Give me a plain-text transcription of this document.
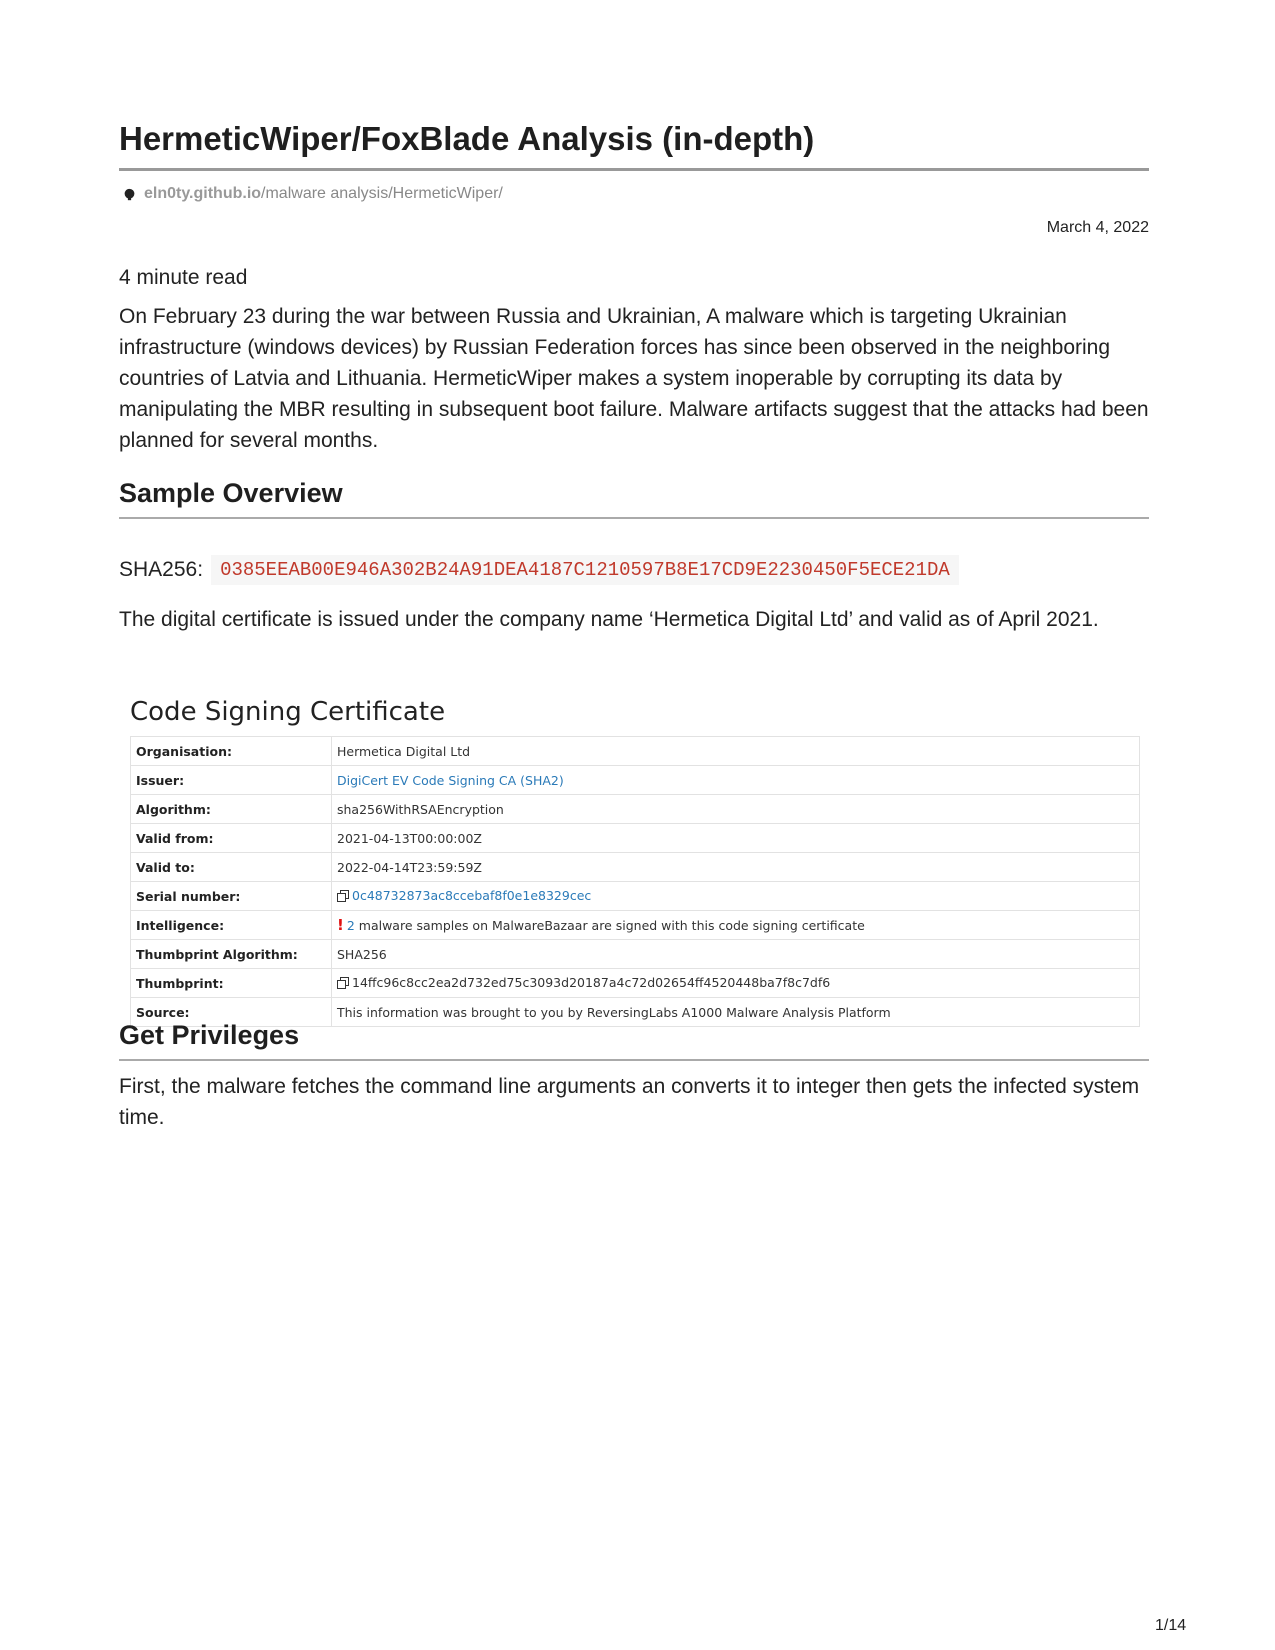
HermeticWiper/FoxBlade Analysis (in-depth)
eln0ty.github.io/malware analysis/HermeticWiper/
March 4, 2022
4 minute read

On February 23 during the war between Russia and Ukrainian, A malware which is targeting Ukrainian infrastructure (windows devices) by Russian Federation forces has since been observed in the neighboring countries of Latvia and Lithuania. HermeticWiper makes a system inoperable by corrupting its data by manipulating the MBR resulting in subsequent boot failure. Malware artifacts suggest that the attacks had been planned for several months.

Sample Overview
SHA256: 0385EEAB00E946A302B24A91DEA4187C1210597B8E17CD9E2230450F5ECE21DA

The digital certificate is issued under the company name ‘Hermetica Digital Ltd’ and valid as of April 2021.

Code Signing Certificate
Organisation:	Hermetica Digital Ltd
Issuer:	DigiCert EV Code Signing CA (SHA2)
Algorithm:	sha256WithRSAEncryption
Valid from:	2021-04-13T00:00:00Z
Valid to:	2022-04-14T23:59:59Z
Serial number:	0c48732873ac8ccebaf8f0e1e8329cec
Intelligence:	! 2 malware samples on MalwareBazaar are signed with this code signing certificate
Thumbprint Algorithm:	SHA256
Thumbprint:	14ffc96c8cc2ea2d732ed75c3093d20187a4c72d02654ff4520448ba7f8c7df6
Source:	This information was brought to you by ReversingLabs A1000 Malware Analysis Platform
Get Privileges

First, the malware fetches the command line arguments an converts it to integer then gets the infected system time.

1/14
